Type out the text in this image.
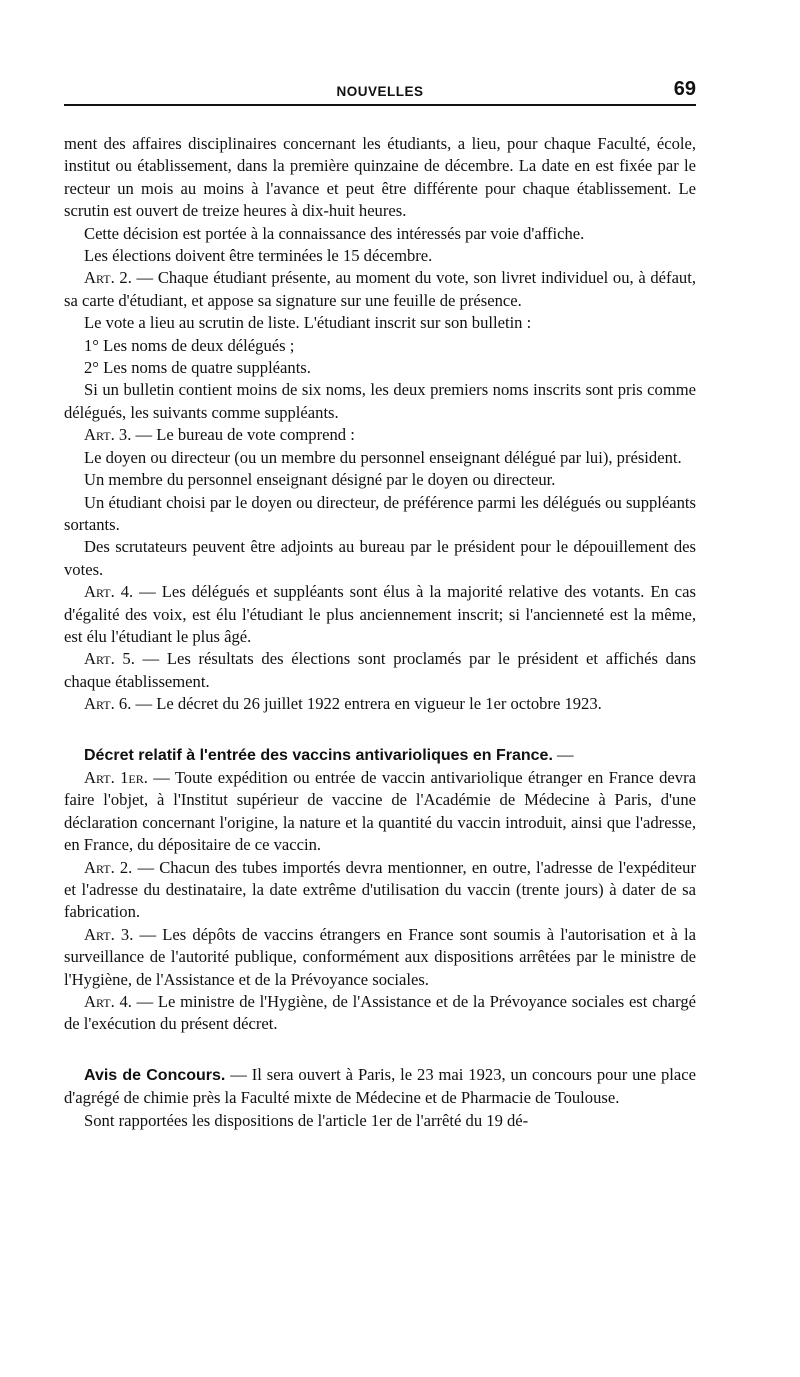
NOUVELLES	69

ment des affaires disciplinaires concernant les étudiants, a lieu, pour chaque Faculté, école, institut ou établissement, dans la première quinzaine de décembre. La date en est fixée par le recteur un mois au moins à l'avance et peut être différente pour chaque établissement. Le scrutin est ouvert de treize heures à dix-huit heures.

Cette décision est portée à la connaissance des intéressés par voie d'affiche.

Les élections doivent être terminées le 15 décembre.

Art. 2. — Chaque étudiant présente, au moment du vote, son livret individuel ou, à défaut, sa carte d'étudiant, et appose sa signature sur une feuille de présence.

Le vote a lieu au scrutin de liste. L'étudiant inscrit sur son bulletin :

1° Les noms de deux délégués ;

2° Les noms de quatre suppléants.

Si un bulletin contient moins de six noms, les deux premiers noms inscrits sont pris comme délégués, les suivants comme suppléants.

Art. 3. — Le bureau de vote comprend :

Le doyen ou directeur (ou un membre du personnel enseignant délégué par lui), président.

Un membre du personnel enseignant désigné par le doyen ou directeur.

Un étudiant choisi par le doyen ou directeur, de préférence parmi les délégués ou suppléants sortants.

Des scrutateurs peuvent être adjoints au bureau par le président pour le dépouillement des votes.

Art. 4. — Les délégués et suppléants sont élus à la majorité relative des votants. En cas d'égalité des voix, est élu l'étudiant le plus anciennement inscrit; si l'ancienneté est la même, est élu l'étudiant le plus âgé.

Art. 5. — Les résultats des élections sont proclamés par le président et affichés dans chaque établissement.

Art. 6. — Le décret du 26 juillet 1922 entrera en vigueur le 1er octobre 1923.

Décret relatif à l'entrée des vaccins antivarioliques en France. —

Art. 1er. — Toute expédition ou entrée de vaccin antivariolique étranger en France devra faire l'objet, à l'Institut supérieur de vaccine de l'Académie de Médecine à Paris, d'une déclaration concernant l'origine, la nature et la quantité du vaccin introduit, ainsi que l'adresse, en France, du dépositaire de ce vaccin.

Art. 2. — Chacun des tubes importés devra mentionner, en outre, l'adresse de l'expéditeur et l'adresse du destinataire, la date extrême d'utilisation du vaccin (trente jours) à dater de sa fabrication.

Art. 3. — Les dépôts de vaccins étrangers en France sont soumis à l'autorisation et à la surveillance de l'autorité publique, conformément aux dispositions arrêtées par le ministre de l'Hygiène, de l'Assistance et de la Prévoyance sociales.

Art. 4. — Le ministre de l'Hygiène, de l'Assistance et de la Prévoyance sociales est chargé de l'exécution du présent décret.

Avis de Concours. — Il sera ouvert à Paris, le 23 mai 1923, un concours pour une place d'agrégé de chimie près la Faculté mixte de Médecine et de Pharmacie de Toulouse.

Sont rapportées les dispositions de l'article 1er de l'arrêté du 19 dé-
